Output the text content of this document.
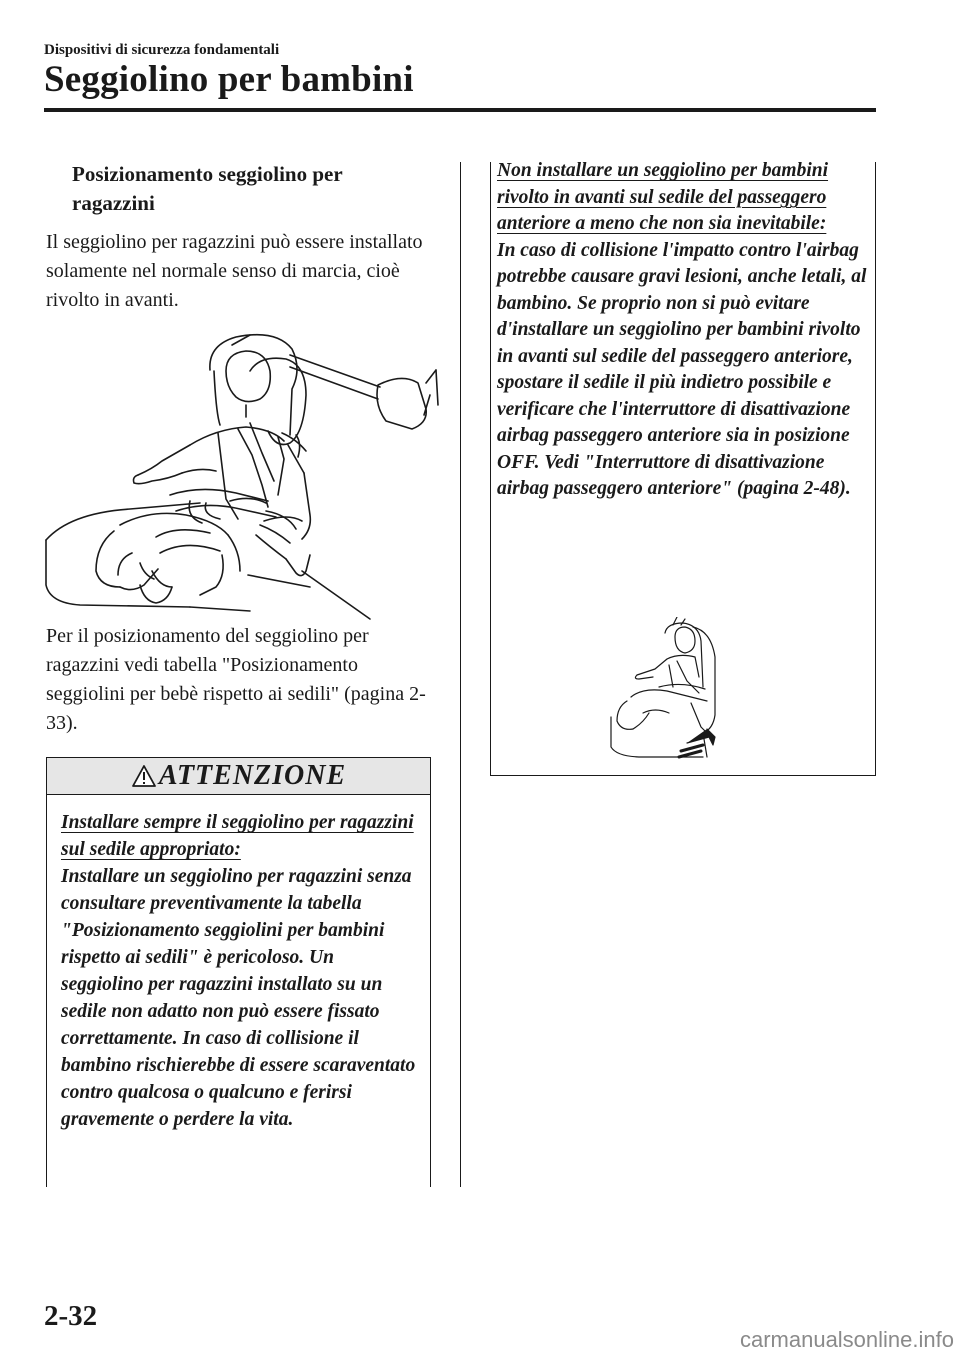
Dispositivi di sicurezza fondamentali
Seggiolino per bambini
Posizionamento seggiolino per ragazzini

Il seggiolino per ragazzini può essere installato solamente nel normale senso di marcia, cioè rivolto in avanti.

Per il posizionamento del seggiolino per ragazzini vedi tabella "Posizionamento seggiolini per bebè rispetto ai sedili" (pagina 2-33).

ATTENZIONE
Installare sempre il seggiolino per ragazzini sul sedile appropriato:
Installare un seggiolino per ragazzini senza consultare preventivamente la tabella "Posizionamento seggiolini per bambini rispetto ai sedili" è pericoloso. Un seggiolino per ragazzini installato su un sedile non adatto non può essere fissato correttamente. In caso di collisione il bambino rischierebbe di essere scaraventato contro qualcosa o qualcuno e ferirsi gravemente o perdere la vita.
Non installare un seggiolino per bambini rivolto in avanti sul sedile del passeggero anteriore a meno che non sia inevitabile:
In caso di collisione l'impatto contro l'airbag potrebbe causare gravi lesioni, anche letali, al bambino. Se proprio non si può evitare d'installare un seggiolino per bambini rivolto in avanti sul sedile del passeggero anteriore, spostare il sedile il più indietro possibile e verificare che l'interruttore di disattivazione airbag passeggero anteriore sia in posizione OFF. Vedi "Interruttore di disattivazione airbag passeggero anteriore" (pagina 2-48).
2-32
carmanualsonline.info
